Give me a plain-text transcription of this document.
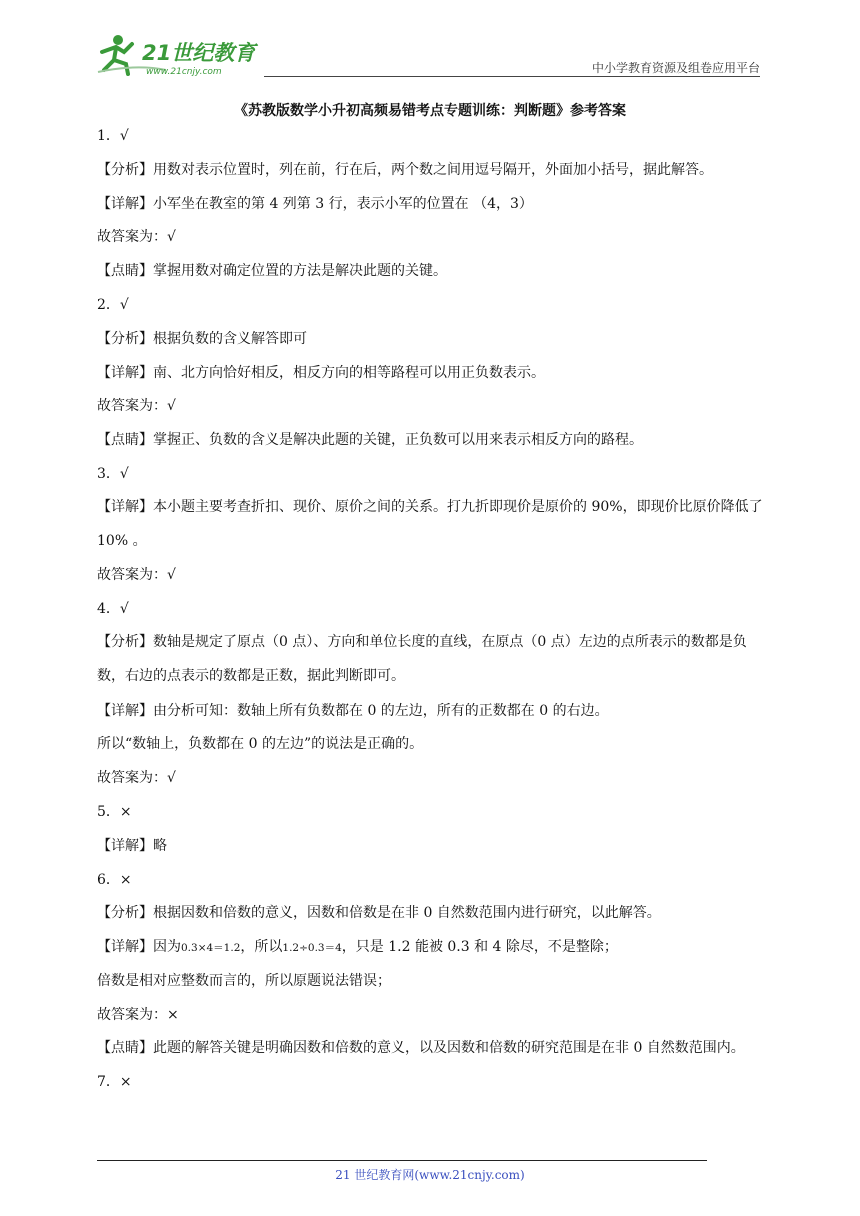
21世纪教育
www.21cnjy.com	中小学教育资源及组卷应用平台
《苏教版数学小升初高频易错考点专题训练：判断题》参考答案
1．√
【分析】用数对表示位置时，列在前，行在后，两个数之间用逗号隔开，外面加小括号，据此解答。
【详解】小军坐在教室的第 4 列第 3 行，表示小军的位置在 （4，3）
故答案为：√
【点睛】掌握用数对确定位置的方法是解决此题的关键。
2．√
【分析】根据负数的含义解答即可
【详解】南、北方向恰好相反，相反方向的相等路程可以用正负数表示。
故答案为：√
【点睛】掌握正、负数的含义是解决此题的关键，正负数可以用来表示相反方向的路程。
3．√
【详解】本小题主要考查折扣、现价、原价之间的关系。打九折即现价是原价的 90%，即现价比原价降低了 10% 。
故答案为：√
4．√
【分析】数轴是规定了原点（0 点）、方向和单位长度的直线，在原点（0 点）左边的点所表示的数都是负数，右边的点表示的数都是正数，据此判断即可。
【详解】由分析可知：数轴上所有负数都在 0 的左边，所有的正数都在 0 的右边。
所以“数轴上，负数都在 0 的左边”的说法是正确的。
故答案为：√
5．×
【详解】略
6．×
【分析】根据因数和倍数的意义，因数和倍数是在非 0 自然数范围内进行研究，以此解答。
【详解】因为0.3×4＝1.2，所以1.2÷0.3＝4，只是 1.2 能被 0.3 和 4 除尽，不是整除；
倍数是相对应整数而言的，所以原题说法错误；
故答案为：×
【点睛】此题的解答关键是明确因数和倍数的意义，以及因数和倍数的研究范围是在非 0 自然数范围内。
7．×
21 世纪教育网(www.21cnjy.com)
